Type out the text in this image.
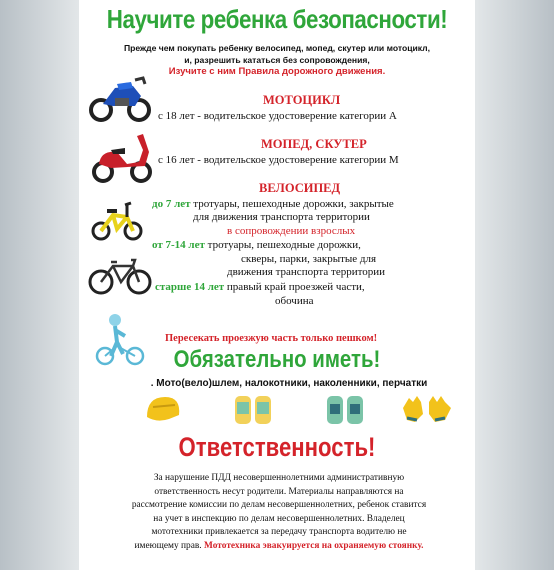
Научите ребенка безопасности!
Прежде чем покупать ребенку велосипед, мопед, скутер или мотоцикл,
и, разрешить кататься без сопровождения,
Изучите с ним Правила дорожного движения.
МОТОЦИКЛ
с 18 лет - водительское удостоверение категории А
МОПЕД, СКУТЕР
с 16 лет - водительское удостоверение категории М
ВЕЛОСИПЕД
до 7 лет тротуары, пешеходные дорожки, закрытые
для движения транспорта территории
в сопровождении взрослых
от 7-14 лет тротуары, пешеходные дорожки,
скверы, парки, закрытые для
движения транспорта территории
старше 14 лет правый край проезжей части,
обочина
Пересекать проезжую часть только пешком!
Обязательно иметь!
. Мото(вело)шлем, налокотники, наколенники, перчатки
Ответственность!
За нарушение ПДД несовершеннолетними административную
ответственность несут родители. Материалы направляются на
рассмотрение комиссии по делам несовершеннолетних, ребенок ставится
на учет в инспекцию по делам несовершеннолетних. Владелец
мототехники привлекается за передачу транспорта водителю не
имеющему прав. Мототехника эвакуируется на охраняемую стоянку.
